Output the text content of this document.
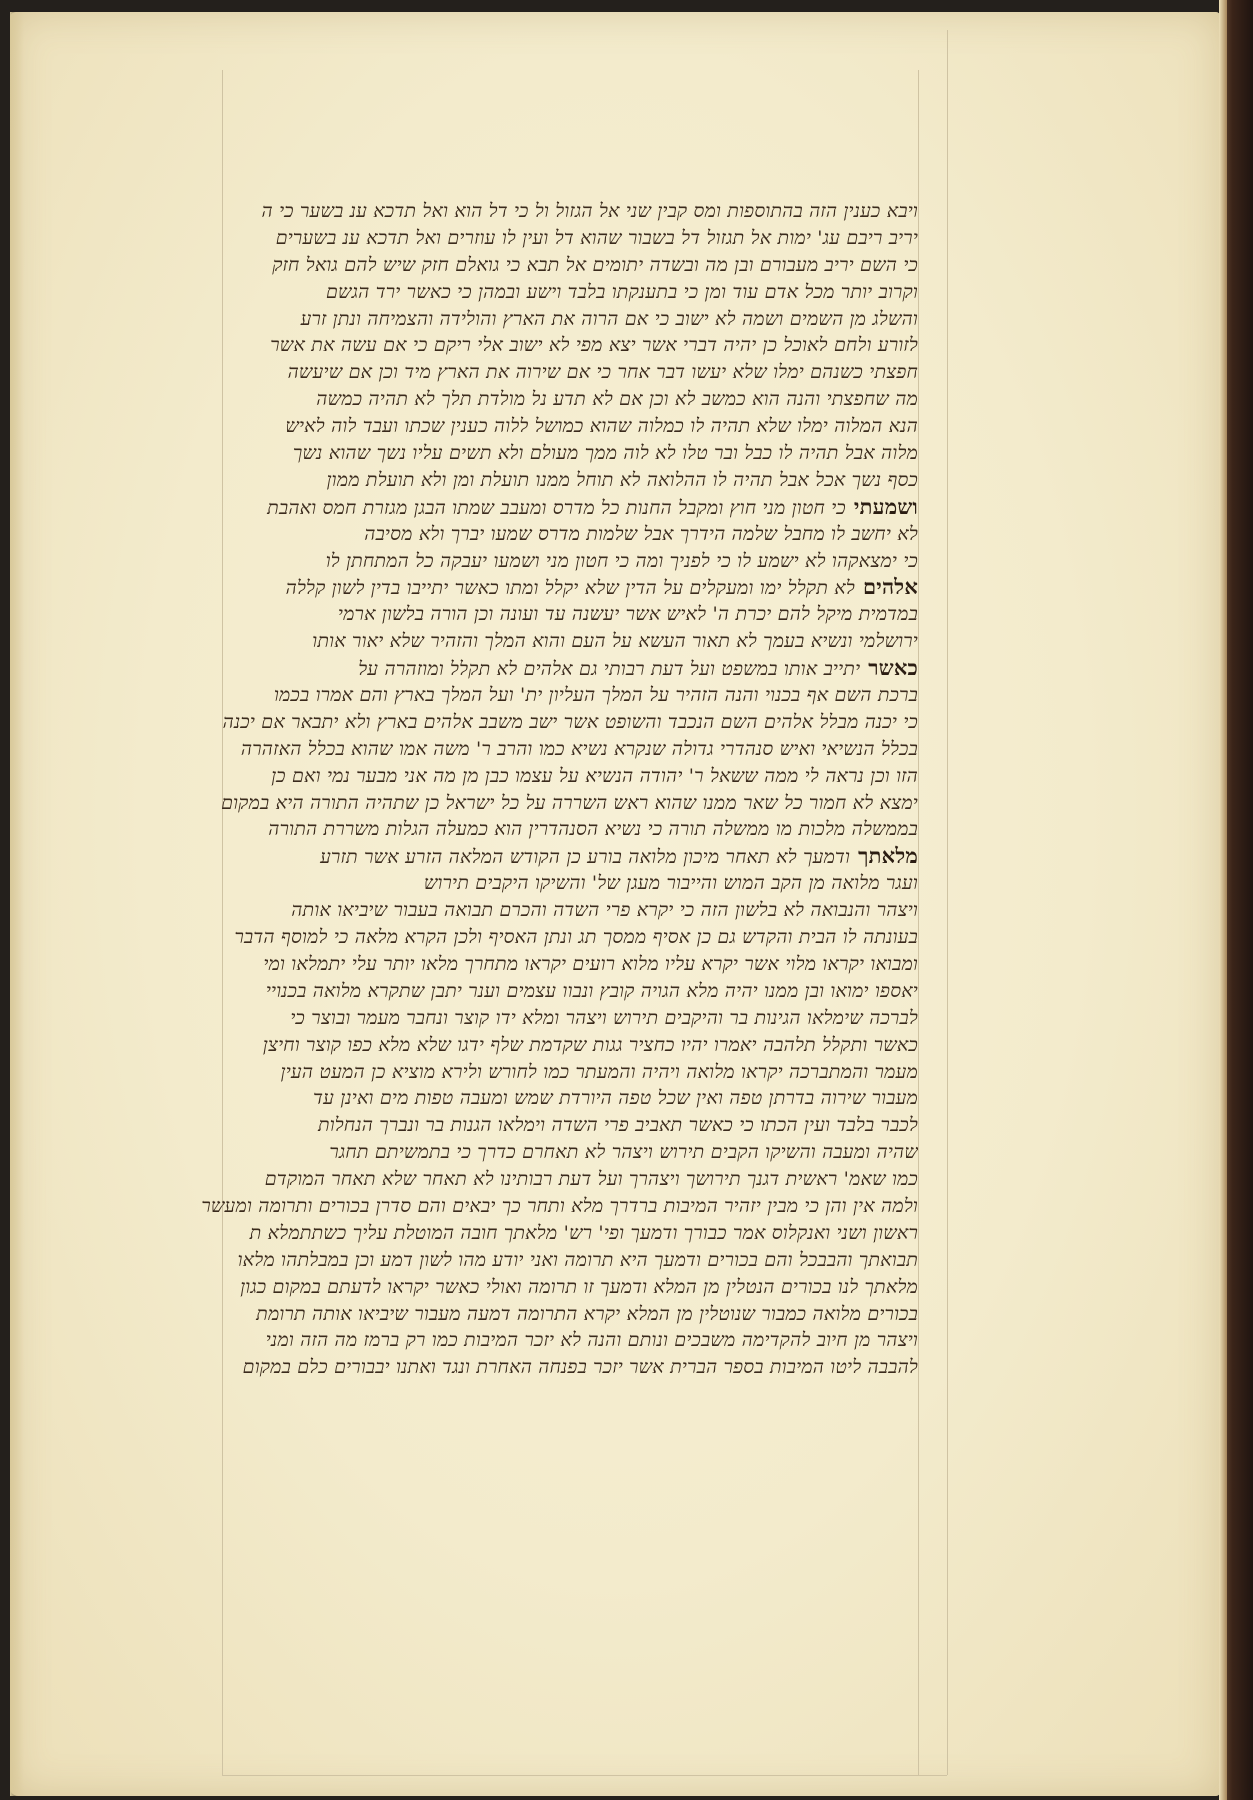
ויבא כענין הזה בהתוספות ומס קבין שני אל הגזול ול כי דל הוא ואל תדכא ענ בשער כי ה
יריב ריבם עג' ימות אל תגזול דל בשבור שהוא דל ועין לו עוזרים ואל תדכא ענ בשערים
כי השם יריב מעבורם ובן מה ובשדה יתומים אל תבא כי גואלם חזק שיש להם גואל חזק
וקרוב יותר מכל אדם עוד ומן כי בתענקתו בלבד וישע ובמהן כי כאשר ירד הגשם
והשלג מן השמים ושמה לא ישוב כי אם הרוה את הארץ והולידה והצמיחה ונתן זרע
לזורע ולחם לאוכל כן יהיה דברי אשר יצא מפי לא ישוב אלי ריקם כי אם עשה את אשר
חפצתי כשנהם ימלו שלא יעשו דבר אחר כי אם שירוה את הארץ מיד וכן אם שיעשה
מה שחפצתי והנה הוא כמשב לא וכן אם לא תדע נל מולדת תלך לא תהיה כמשה
הנא המלוה ימלו שלא תהיה לו כמלוה שהוא כמושל ללוה כענין שכתו ועבד לוה לאיש
מלוה אבל תהיה לו כבל ובר טלו לא לוה ממך מעולם ולא תשים עליו נשך שהוא נשך
כסף נשך אכל אבל תהיה לו ההלואה לא תוחל ממנו תועלת ומן ולא תועלת ממון
ושמעתיכי חטון מני חוץ ומקבל החנות כל מדרס ומעבב שמתו הבגן מגזרת חמס ואהבת
לא יחשב לו מחבל שלמה הידרך אבל שלמות מדרס שמעו יברך ולא מסיבה
כי ימצאקהו לא ישמע לו כי לפניך ומה כי חטון מני ושמעו יעבקה כל המתחתן לו
אלהיםלא תקלל ימו ומעקלים על הדין שלא יקלל ומתו כאשר יתייבו בדין לשון קללה
במדמית מיקל להם יכרת ה' לאיש אשר יעשנה עד ועונה וכן הורה בלשון ארמי
ירושלמי ונשיא בעמך לא תאור העשא על העם והוא המלך והזהיר שלא יאור אותו
כאשריתייב אותו במשפט ועל דעת רבותי גם אלהים לא תקלל ומוזהרה על
ברכת השם אף בכנוי והנה הזהיר על המלך העליון ית' ועל המלך בארץ והם אמרו בכמו
כי יכנה מבלל אלהים השם הנכבד והשופט אשר ישב משבב אלהים בארץ ולא יתבאר אם יכנה
בכלל הנשיאי ואיש סנהדרי גדולה שנקרא נשיא כמו והרב ר' משה אמו שהוא בכלל האזהרה
הזו וכן נראה לי ממה ששאל ר' יהודה הנשיא על עצמו כבן מן מה אני מבער נמי ואם כן
ימצא לא חמור כל שאר ממנו שהוא ראש השררה על כל ישראל כן שתהיה התורה היא במקום
בממשלה מלכות מו ממשלה תורה כי נשיא הסנהדרין הוא כמעלה הגלות משררת התורה
מלאתךודמעך לא תאחר מיכון מלואה בורע כן הקודש המלאה הזרע אשר תזרע
ועגר מלואה מן הקב המוש והייבור מעגן של' והשיקו היקבים תירוש
ויצהר והנבואה לא בלשון הזה כי יקרא פרי השדה והכרם תבואה בעבור שיביאו אותה
בעונתה לו הבית והקדש גם כן אסיף ממסך תג ונתן האסיף ולכן הקרא מלאה כי למוסף הדבר
ומבואו יקראו מלוי אשר יקרא עליו מלוא רועים יקראו מתחרך מלאו יותר עלי יתמלאו ומי
יאספו ימואו ובן ממנו יהיה מלא הגויה קובץ ונבוו עצמים וענר יתבן שתקרא מלואה בכנויי
לברכה שימלאו הגינות בר והיקבים תירוש ויצהר ומלא ידו קוצר ונחבר מעמר ובוצר כי
כאשר ותקלל תלהבה יאמרו יהיו כחציר גגות שקדמת שלף ידגו שלא מלא כפו קוצר וחיצן
מעמר והמתברכה יקראו מלואה ויהיה והמעתר כמו לחורש ולירא מוציא כן המעט העין
מעבור שירוה בדרתן טפה ואין שכל טפה היורדת שמש ומעבה טפות מים ואינן עד
לכבר בלבד ועין הכתו כי כאשר תאביב פרי השדה וימלאו הגנות בר ונברך הנחלות
שהיה ומעבה והשיקו הקבים תירוש ויצהר לא תאחרם כדרך כי בתמשיתם תחגר
כמו שאמ' ראשית דגנך תירושך ויצהרך ועל דעת רבותינו לא תאחר שלא תאחר המוקדם
ולמה אין והן כי מבין יזהיר המיבות ברדרך מלא ותחר כך יבאים והם סדרן בכורים ותרומה ומעשר
ראשון ושני ואנקלוס אמר כבורך ודמעך ופי' רש' מלאתך חובה המוטלת עליך כשתתמלא ת
תבואתך והבבכל והם בכורים ודמעך היא תרומה ואני יודע מהו לשון דמע וכן במבלתהו מלאו
מלאתך לנו בכורים הנטלין מן המלא ודמעך זו תרומה ואולי כאשר יקראו לדעתם במקום כגון
בכורים מלואה כמבור שנוטלין מן המלא יקרא התרומה דמעה מעבור שיביאו אותה תרומת
ויצהר מן חיוב להקדימה משבכים ונותם והנה לא יזכר המיבות כמו רק ברמז מה הזה ומני
להבבה ליטו המיבות בספר הברית אשר יזכר בפנחה האחרת ונגד ואתנו יבבורים כלם במקום
